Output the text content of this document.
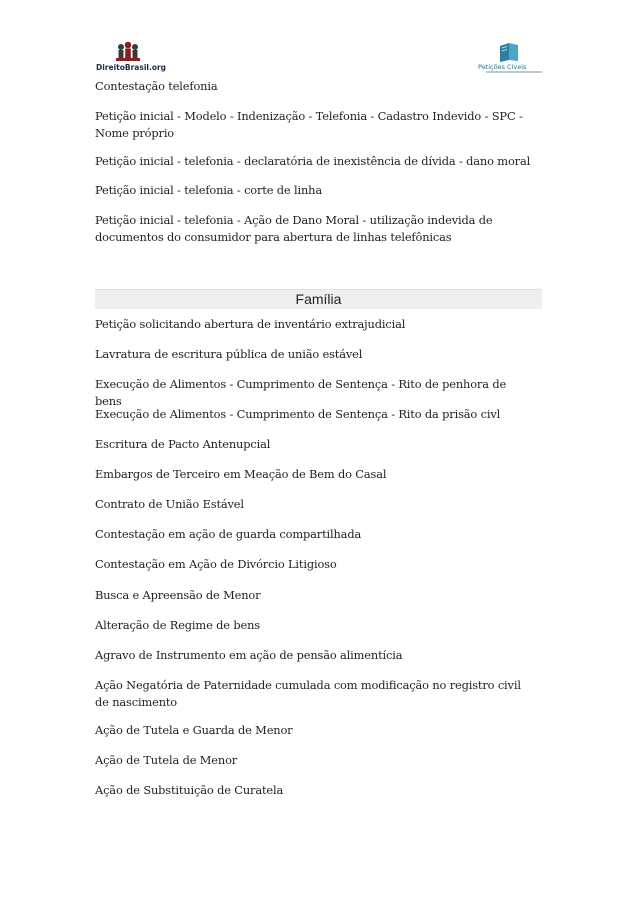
DireitoBrasil.org	Petições Cíveis
Contestação telefonia
Petição inicial - Modelo - Indenização - Telefonia - Cadastro Indevido - SPC - Nome próprio
Petição inicial - telefonia - declaratória de inexistência de dívida - dano moral
Petição inicial - telefonia - corte de linha
Petição inicial - telefonia - Ação de Dano Moral - utilização indevida de documentos do consumidor para abertura de linhas telefônicas
Família
Petição solicitando abertura de inventário extrajudicial
Lavratura de escritura pública de união estável
Execução de Alimentos - Cumprimento de Sentença - Rito de penhora de bens
Execução de Alimentos - Cumprimento de Sentença - Rito da prisão civl
Escritura de Pacto Antenupcial
Embargos de Terceiro em Meação de Bem do Casal
Contrato de União Estável
Contestação em ação de guarda compartilhada
Contestação em Ação de Divórcio Litigioso
Busca e Apreensão de Menor
Alteração de Regime de bens
Agravo de Instrumento em ação de pensão alimentícia
Ação Negatória de Paternidade cumulada com modificação no registro civil de nascimento
Ação de Tutela e Guarda de Menor
Ação de Tutela de Menor
Ação de Substituição de Curatela
